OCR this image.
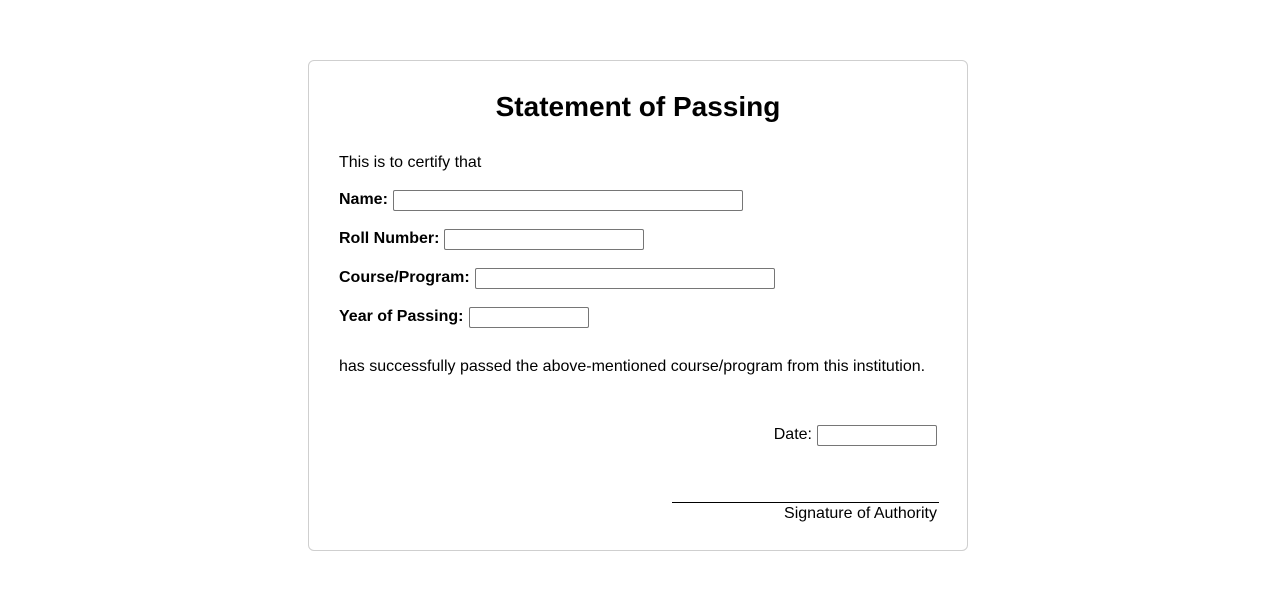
Statement of Passing
This is to certify that
Name:
Roll Number:
Course/Program:
Year of Passing:
has successfully passed the above-mentioned course/program from this institution.
Date:
Signature of Authority
